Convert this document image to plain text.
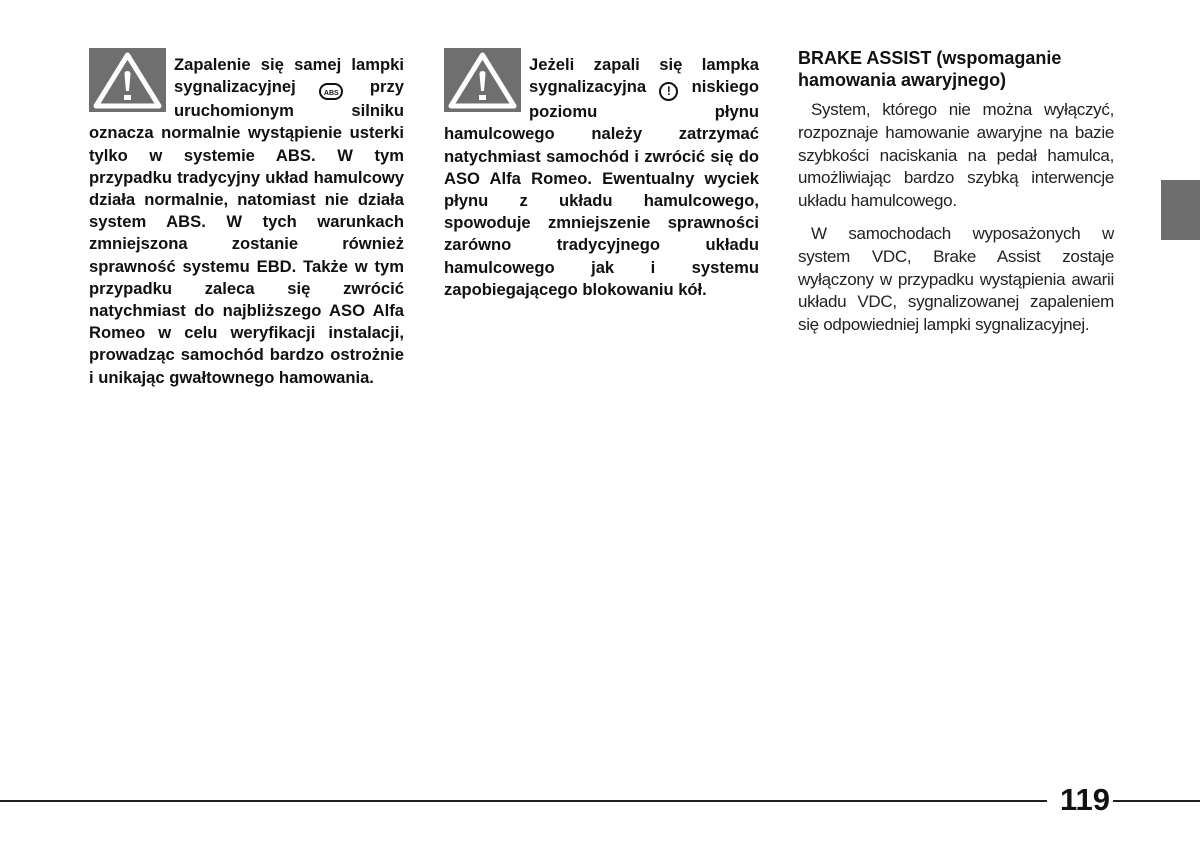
Zapalenie się samej lampki sygnalizacyjnej	ABS przy uruchomionym silniku oznacza normalnie wystąpienie usterki tylko w systemie ABS. W tym przypadku tradycyjny układ hamulcowy działa normalnie, natomiast nie działa system ABS. W tych warunkach zmniejszona zostanie również sprawność systemu EBD. Także w tym przypadku zaleca się zwrócić natychmiast do najbliższego ASO Alfa Romeo w celu weryfikacji instalacji, prowadząc samochód bardzo ostrożnie i unikając gwałtownego hamowania.

Jeżeli zapali się lampka sygnalizacyjna ! niskiego poziomu płynu hamulcowego należy zatrzymać natychmiast samochód i zwrócić się do ASO Alfa Romeo. Ewentualny wyciek płynu z układu hamulcowego, spowoduje zmniejszenie sprawności zarówno tradycyjnego układu hamulcowego jak i systemu zapobiegającego blokowaniu kół.

BRAKE ASSIST (wspomaganie hamowania awaryjnego)

System, którego nie można wyłączyć, rozpoznaje hamowanie awaryjne na bazie szybkości naciskania na pedał hamulca, umożliwiając bardzo szybką interwencje układu hamulcowego.

W samochodach wyposażonych w system VDC, Brake Assist zostaje wyłączony w przypadku wystąpienia awarii układu VDC, sygnalizowanej zapaleniem się odpowiedniej lampki sygnalizacyjnej.

119
